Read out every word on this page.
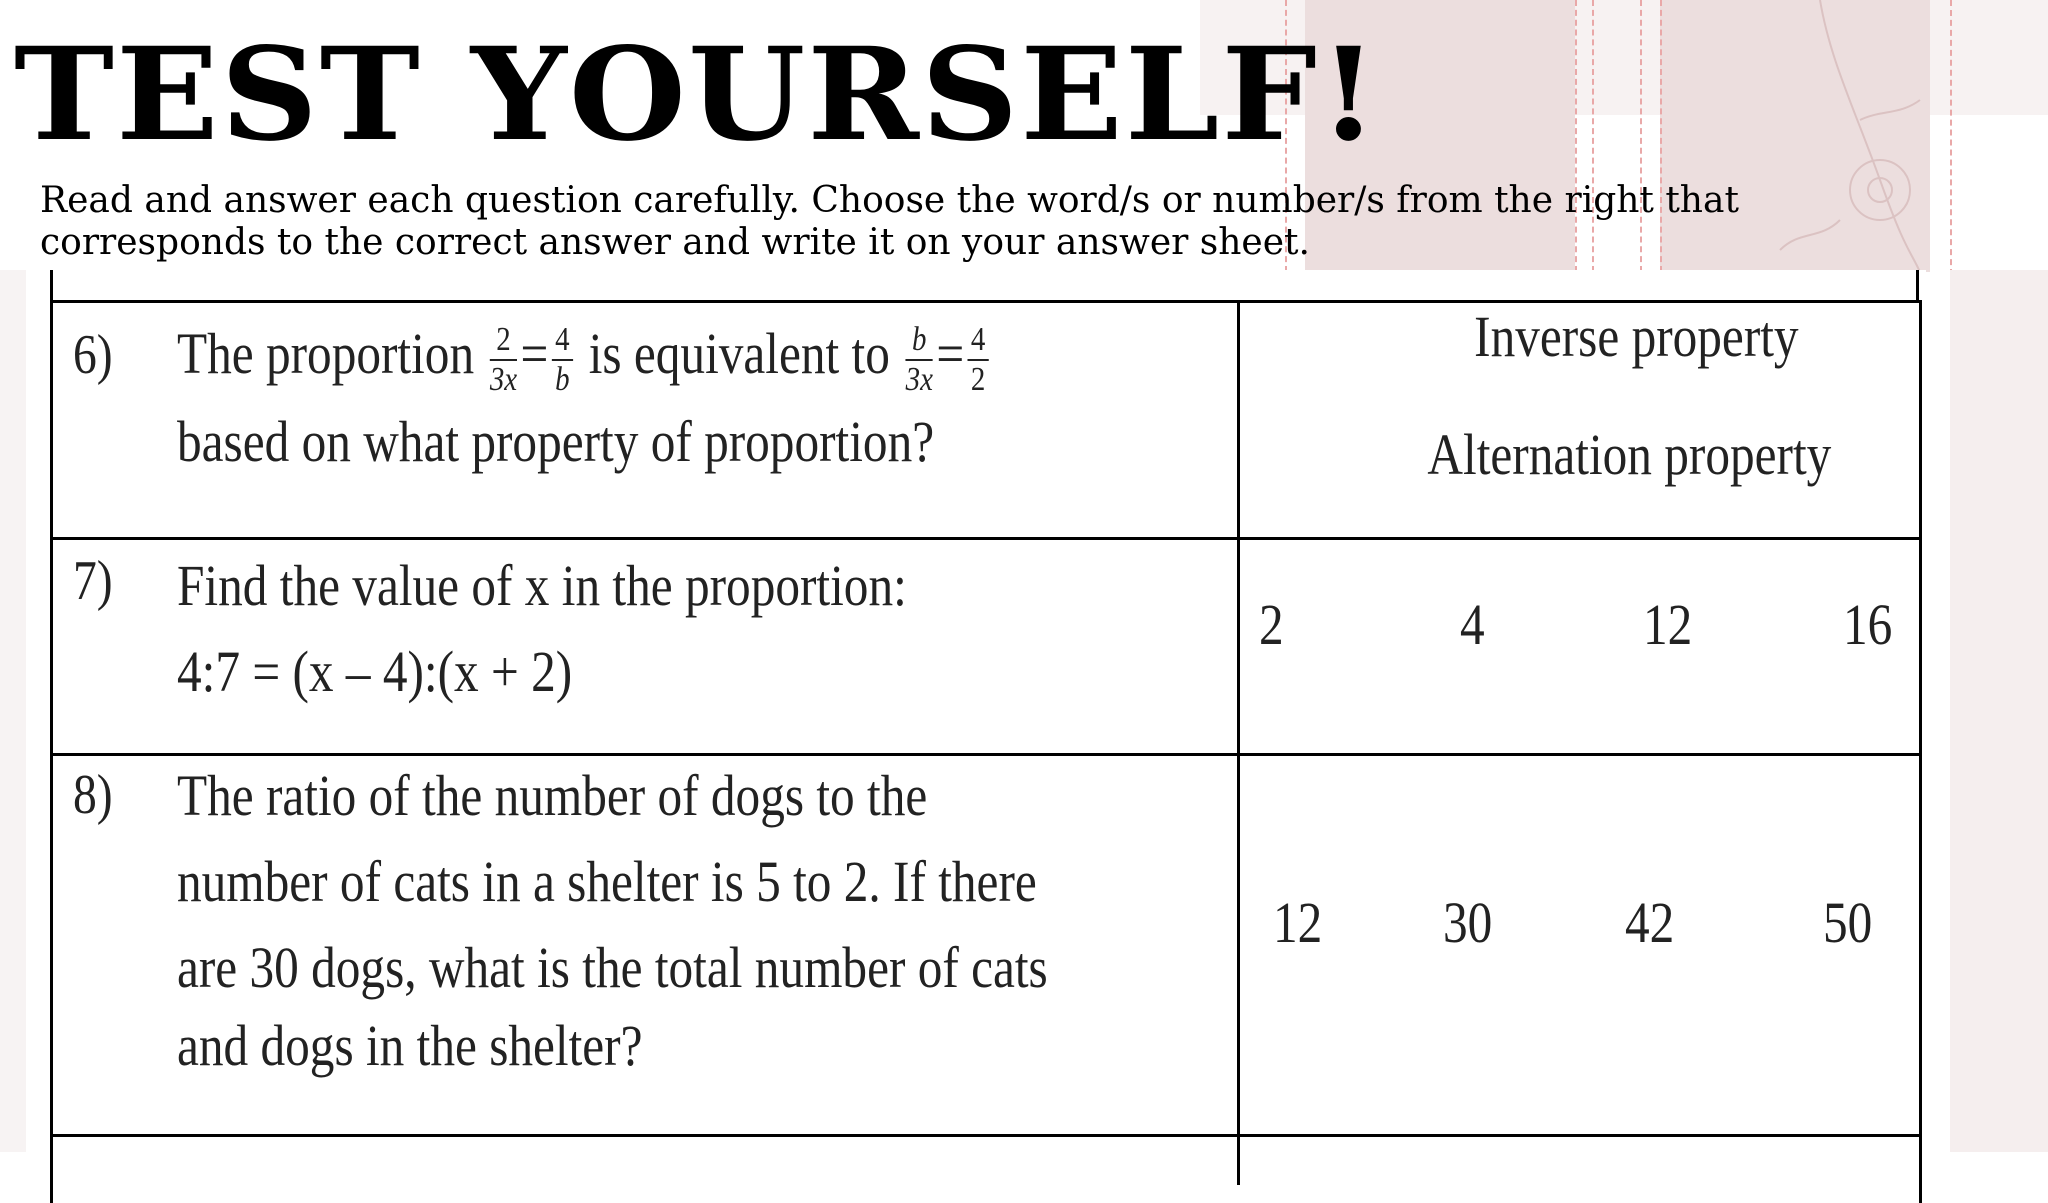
TEST YOURSELF!

Read and answer each question carefully. Choose the word/s or number/s from the right that corresponds to the correct answer and write it on your answer sheet.

6) The proportion $\frac{2}{3x} = \frac{4}{b}$ is equivalent to $\frac{b}{3x} = \frac{4}{2}$

based on what property of proportion?
Inverse property
Alternation property
7) Find the value of x in the proportion:
4:7 = (x – 4):(x + 2)
2	4	12	16
8) The ratio of the number of dogs to the
number of cats in a shelter is 5 to 2. If there
are 30 dogs, what is the total number of cats
and dogs in the shelter?
12 30 42	50
